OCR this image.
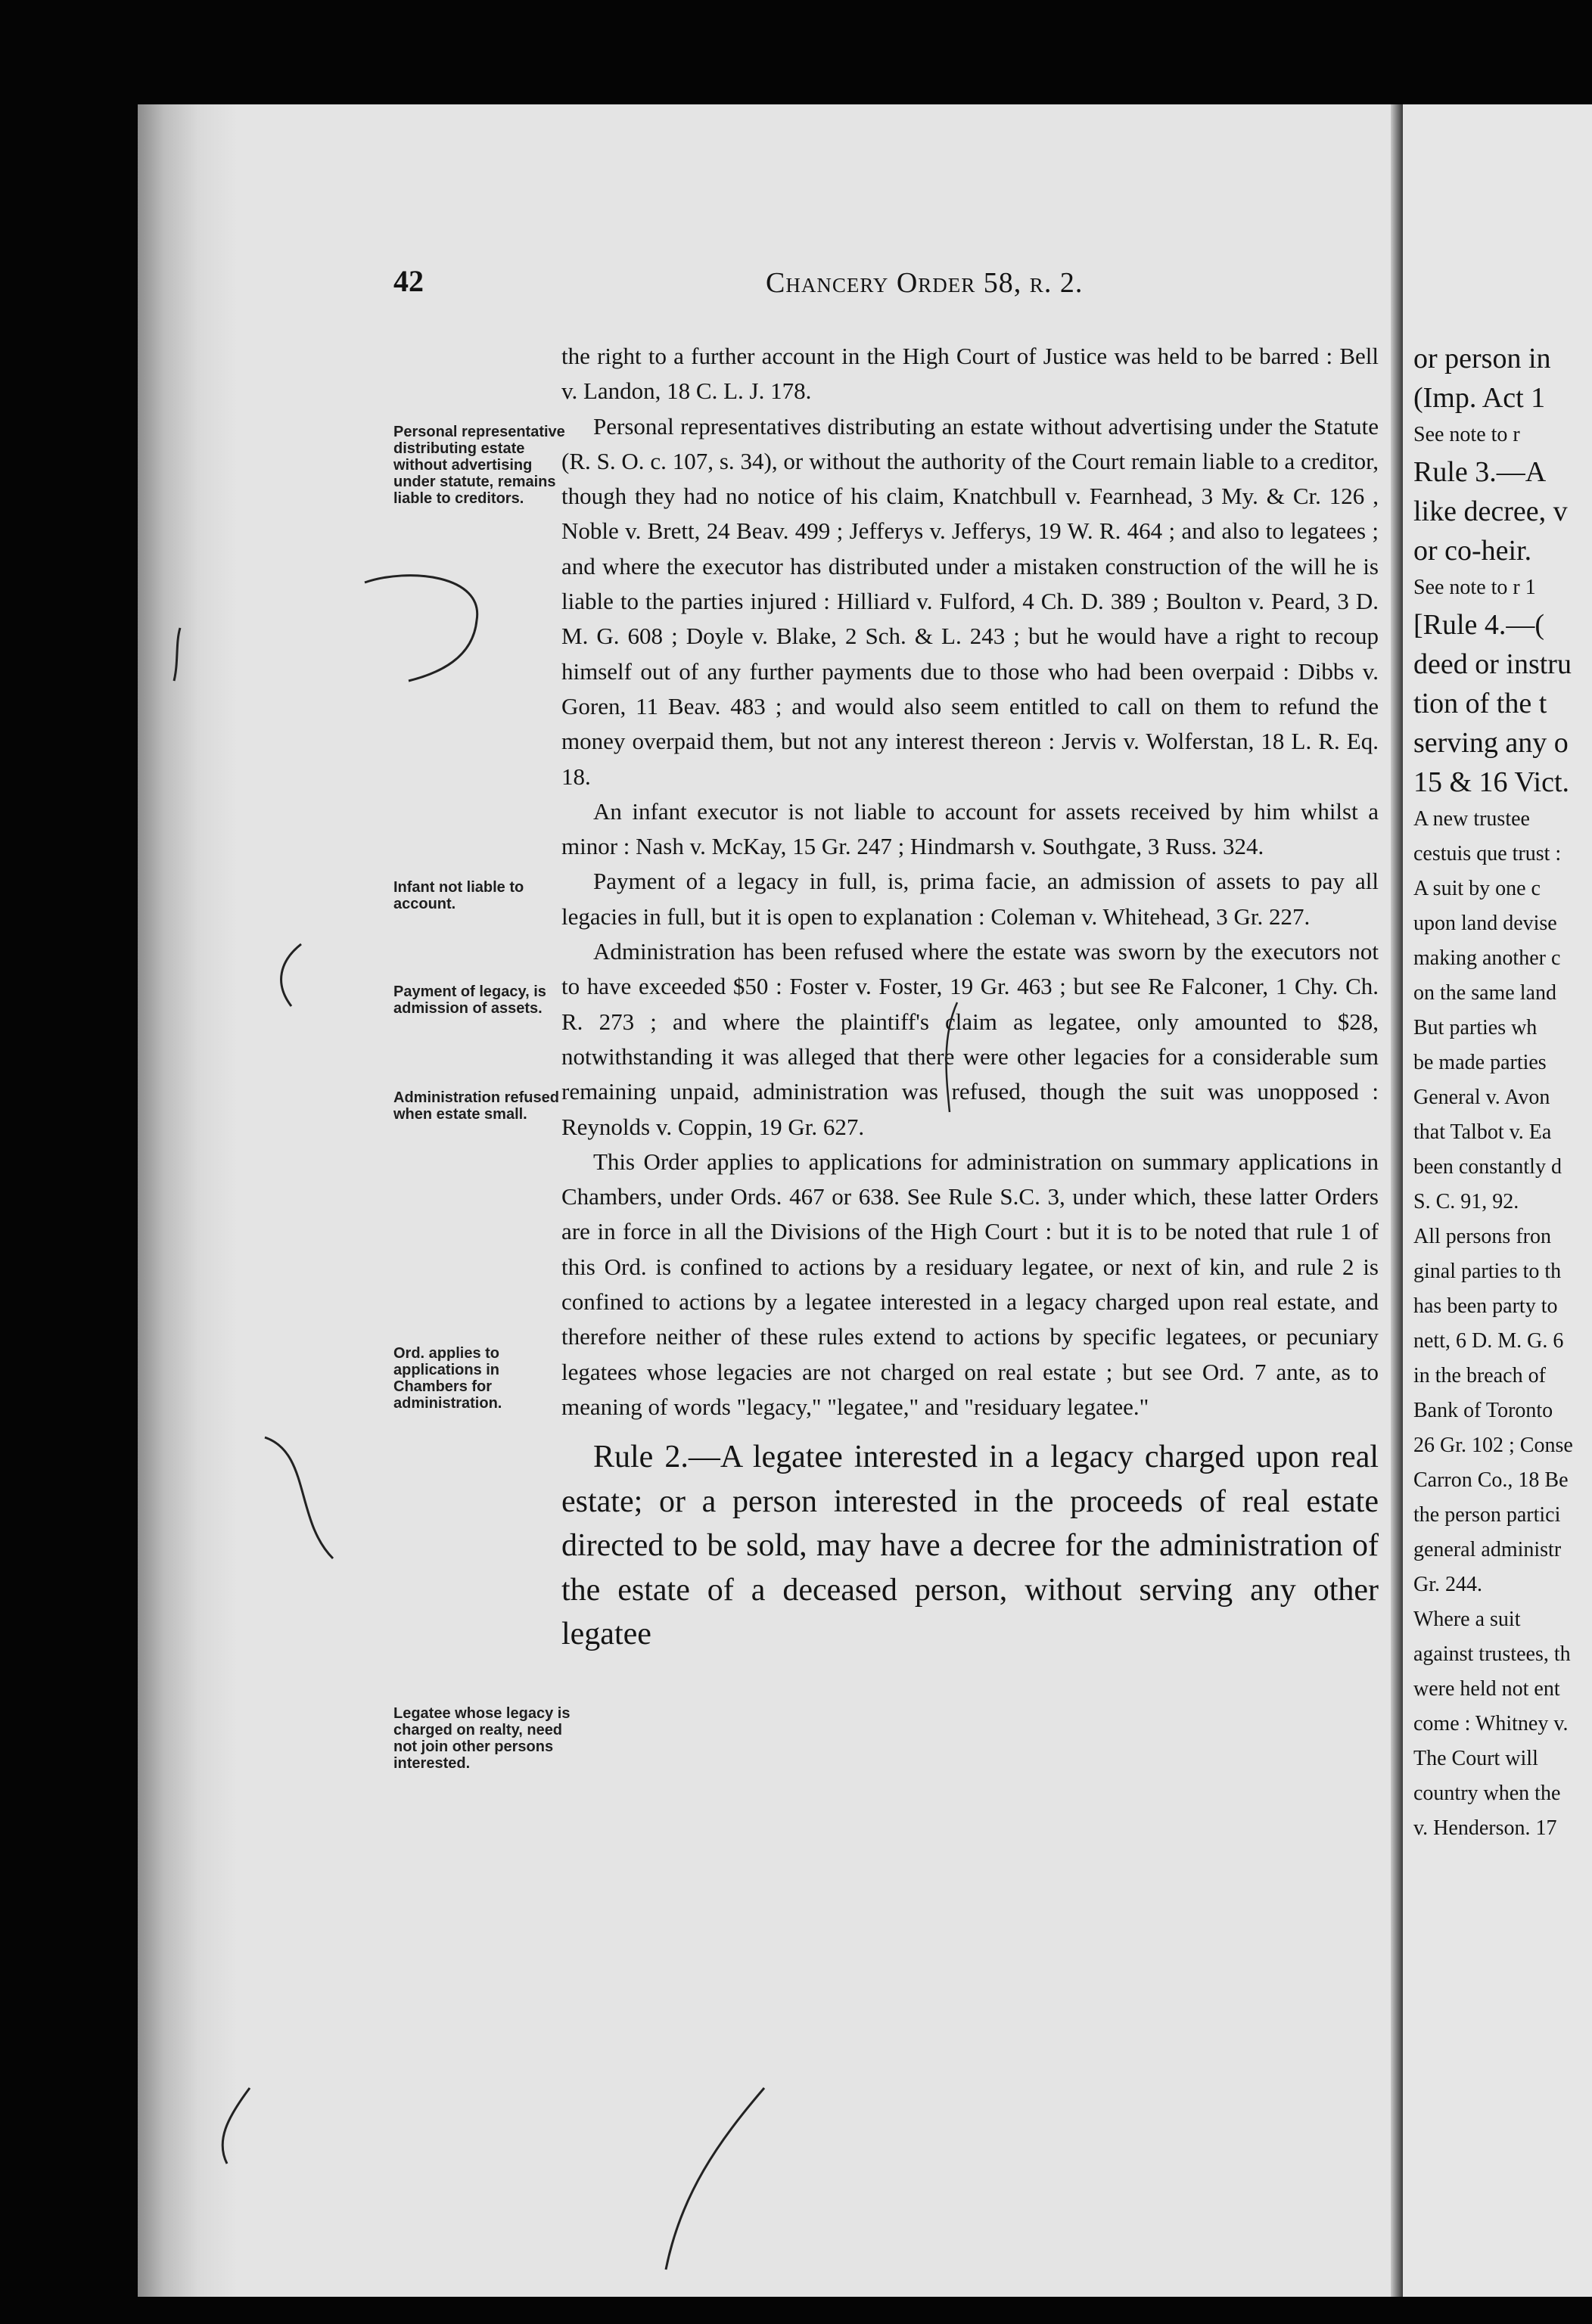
42	Chancery Order 58, r. 2.
Personal representative distributing estate without advertising under statute, remains liable to creditors.
Infant not liable to account.
Payment of legacy, is admission of assets.
Administration refused when estate small.
Ord. applies to applications in Chambers for administration.
Legatee whose legacy is charged on realty, need not join other persons interested.

the right to a further account in the High Court of Justice was held to be barred : Bell v. Landon, 18 C. L. J. 178.

Personal representatives distributing an estate without advertising under the Statute (R. S. O. c. 107, s. 34), or without the authority of the Court remain liable to a creditor, though they had no notice of his claim, Knatchbull v. Fearnhead, 3 My. & Cr. 126 , Noble v. Brett, 24 Beav. 499 ; Jefferys v. Jefferys, 19 W. R. 464 ; and also to legatees ; and where the executor has distributed under a mistaken construction of the will he is liable to the parties injured : Hilliard v. Fulford, 4 Ch. D. 389 ; Boulton v. Peard, 3 D. M. G. 608 ; Doyle v. Blake, 2 Sch. & L. 243 ; but he would have a right to recoup himself out of any further payments due to those who had been overpaid : Dibbs v. Goren, 11 Beav. 483 ; and would also seem entitled to call on them to refund the money overpaid them, but not any interest thereon : Jervis v. Wolferstan, 18 L. R. Eq. 18.

An infant executor is not liable to account for assets received by him whilst a minor : Nash v. McKay, 15 Gr. 247 ; Hindmarsh v. Southgate, 3 Russ. 324.

Payment of a legacy in full, is, prima facie, an admission of assets to pay all legacies in full, but it is open to explanation : Coleman v. Whitehead, 3 Gr. 227.

Administration has been refused where the estate was sworn by the executors not to have exceeded $50 : Foster v. Foster, 19 Gr. 463 ; but see Re Falconer, 1 Chy. Ch. R. 273 ; and where the plaintiff's claim as legatee, only amounted to $28, notwithstanding it was alleged that there were other legacies for a considerable sum remaining unpaid, administration was refused, though the suit was unopposed : Reynolds v. Coppin, 19 Gr. 627.

This Order applies to applications for administration on summary applications in Chambers, under Ords. 467 or 638. See Rule S.C. 3, under which, these latter Orders are in force in all the Divisions of the High Court : but it is to be noted that rule 1 of this Ord. is confined to actions by a residuary legatee, or next of kin, and rule 2 is confined to actions by a legatee interested in a legacy charged upon real estate, and therefore neither of these rules extend to actions by specific legatees, or pecuniary legatees whose legacies are not charged on real estate ; but see Ord. 7 ante, as to meaning of words "legacy," "legatee," and "residuary legatee."

Rule 2.—A legatee interested in a legacy charged upon real estate; or a person interested in the proceeds of real estate directed to be sold, may have a decree for the administration of the estate of a deceased person, without serving any other legatee

or person in
(Imp. Act 1
See note to r
Rule 3.—A
like decree, v
or co-heir.
See note to r 1
[Rule 4.—(
deed or instru
tion of the t
serving any o
15 & 16 Vict.
A new trustee
cestuis que trust :
A suit by one c
upon land devise
making another c
on the same land
But parties wh
be made parties
General v. Avon
that Talbot v. Ea
been constantly d
S. C. 91, 92.
All persons fron
ginal parties to th
has been party to
nett, 6 D. M. G. 6
in the breach of
Bank of Toronto
26 Gr. 102 ; Conse
Carron Co., 18 Be
the person partici
general administr
Gr. 244.
Where a suit
against trustees, th
were held not ent
come : Whitney v.
The Court will
country when the
v. Henderson. 17
